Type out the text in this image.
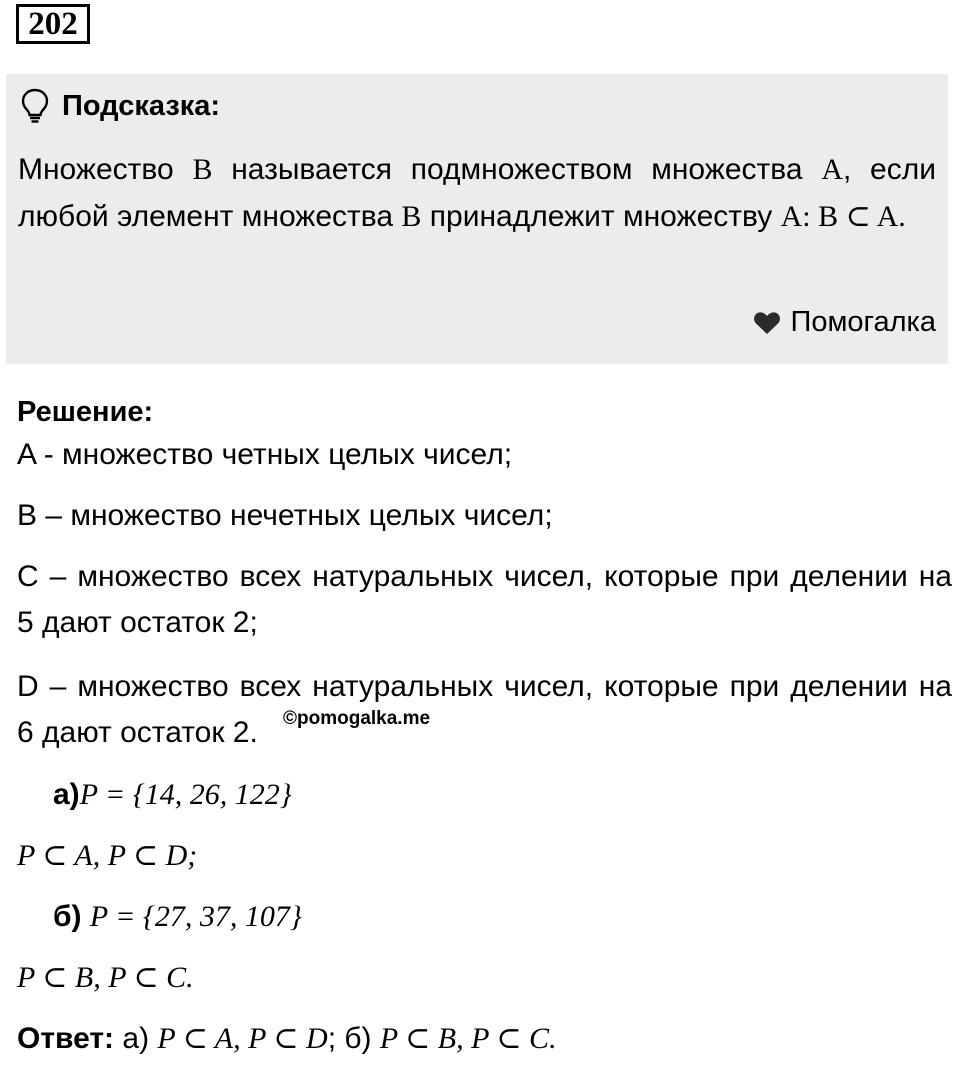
202
Подсказка:
Множество B называется подмножеством множества A, если любой элемент множества B принадлежит множеству A: B ⊂ A.
Помогалка
Решение:
A - множество четных целых чисел;
B – множество нечетных целых чисел;

C – множество всех натуральных чисел, которые при делении на 5 дают остаток 2;

D – множество всех натуральных чисел, которые при делении на 6 дают остаток 2.

а)P = {14, 26, 122}
P ⊂ A, P ⊂ D;
б) P = {27, 37, 107}
P ⊂ B, P ⊂ C.
Ответ: а) P ⊂ A, P ⊂ D; б) P ⊂ B, P ⊂ C.
©pomogalka.me
